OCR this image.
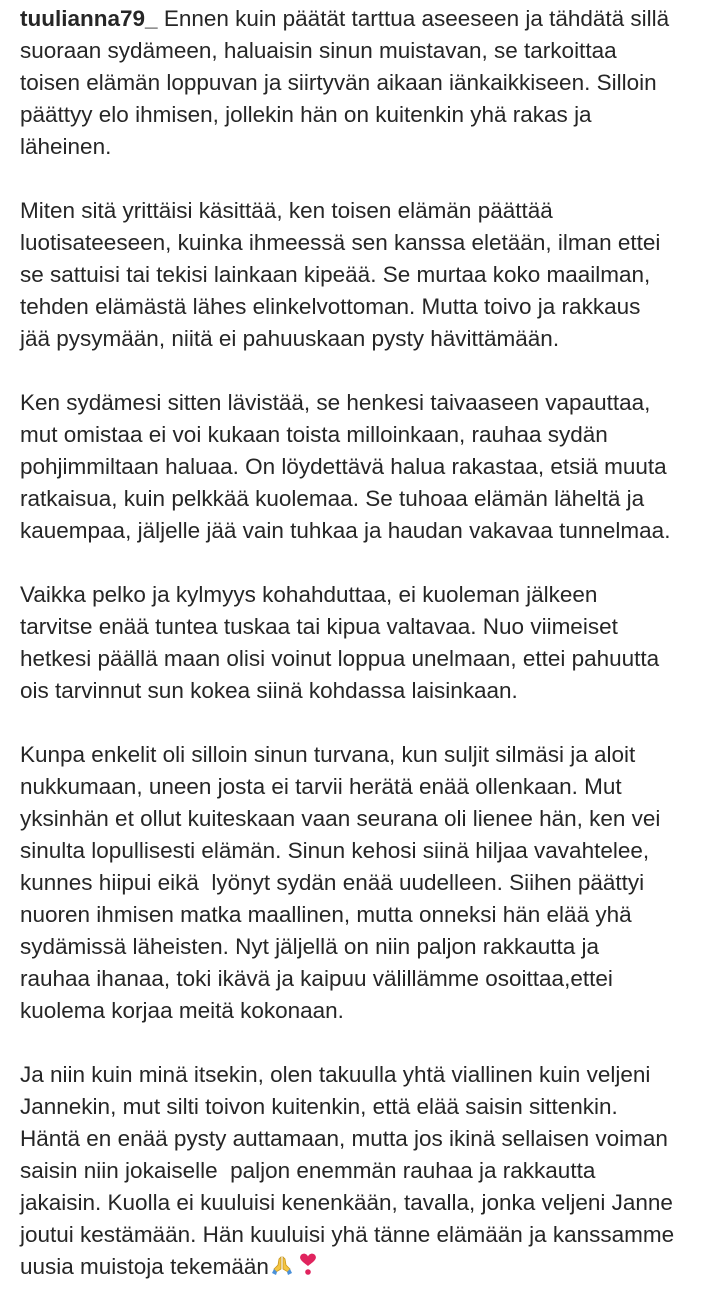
tuulianna79_ Ennen kuin päätät tarttua aseeseen ja tähdätä sillä
suoraan sydämeen, haluaisin sinun muistavan, se tarkoittaa
toisen elämän loppuvan ja siirtyvän aikaan iänkaikkiseen. Silloin
päättyy elo ihmisen, jollekin hän on kuitenkin yhä rakas ja
läheinen.
Miten sitä yrittäisi käsittää, ken toisen elämän päättää
luotisateeseen, kuinka ihmeessä sen kanssa eletään, ilman ettei
se sattuisi tai tekisi lainkaan kipeää. Se murtaa koko maailman,
tehden elämästä lähes elinkelvottoman. Mutta toivo ja rakkaus
jää pysymään, niitä ei pahuuskaan pysty hävittämään.
Ken sydämesi sitten lävistää, se henkesi taivaaseen vapauttaa,
mut omistaa ei voi kukaan toista milloinkaan, rauhaa sydän
pohjimmiltaan haluaa. On löydettävä halua rakastaa, etsiä muuta
ratkaisua, kuin pelkkää kuolemaa. Se tuhoaa elämän läheltä ja
kauempaa, jäljelle jää vain tuhkaa ja haudan vakavaa tunnelmaa.
Vaikka pelko ja kylmyys kohahduttaa, ei kuoleman jälkeen
tarvitse enää tuntea tuskaa tai kipua valtavaa. Nuo viimeiset
hetkesi päällä maan olisi voinut loppua unelmaan, ettei pahuutta
ois tarvinnut sun kokea siinä kohdassa laisinkaan.
Kunpa enkelit oli silloin sinun turvana, kun suljit silmäsi ja aloit
nukkumaan, uneen josta ei tarvii herätä enää ollenkaan. Mut
yksinhän et ollut kuiteskaan vaan seurana oli lienee hän, ken vei
sinulta lopullisesti elämän. Sinun kehosi siinä hiljaa vavahtelee,
kunnes hiipui eikä  lyönyt sydän enää uudelleen. Siihen päättyi
nuoren ihmisen matka maallinen, mutta onneksi hän elää yhä
sydämissä läheisten. Nyt jäljellä on niin paljon rakkautta ja
rauhaa ihanaa, toki ikävä ja kaipuu välillämme osoittaa,ettei
kuolema korjaa meitä kokonaan.
Ja niin kuin minä itsekin, olen takuulla yhtä viallinen kuin veljeni
Jannekin, mut silti toivon kuitenkin, että elää saisin sittenkin.
Häntä en enää pysty auttamaan, mutta jos ikinä sellaisen voiman
saisin niin jokaiselle  paljon enemmän rauhaa ja rakkautta
jakaisin. Kuolla ei kuuluisi kenenkään, tavalla, jonka veljeni Janne
joutui kestämään. Hän kuuluisi yhä tänne elämään ja kanssamme
uusia muistoja tekemään
